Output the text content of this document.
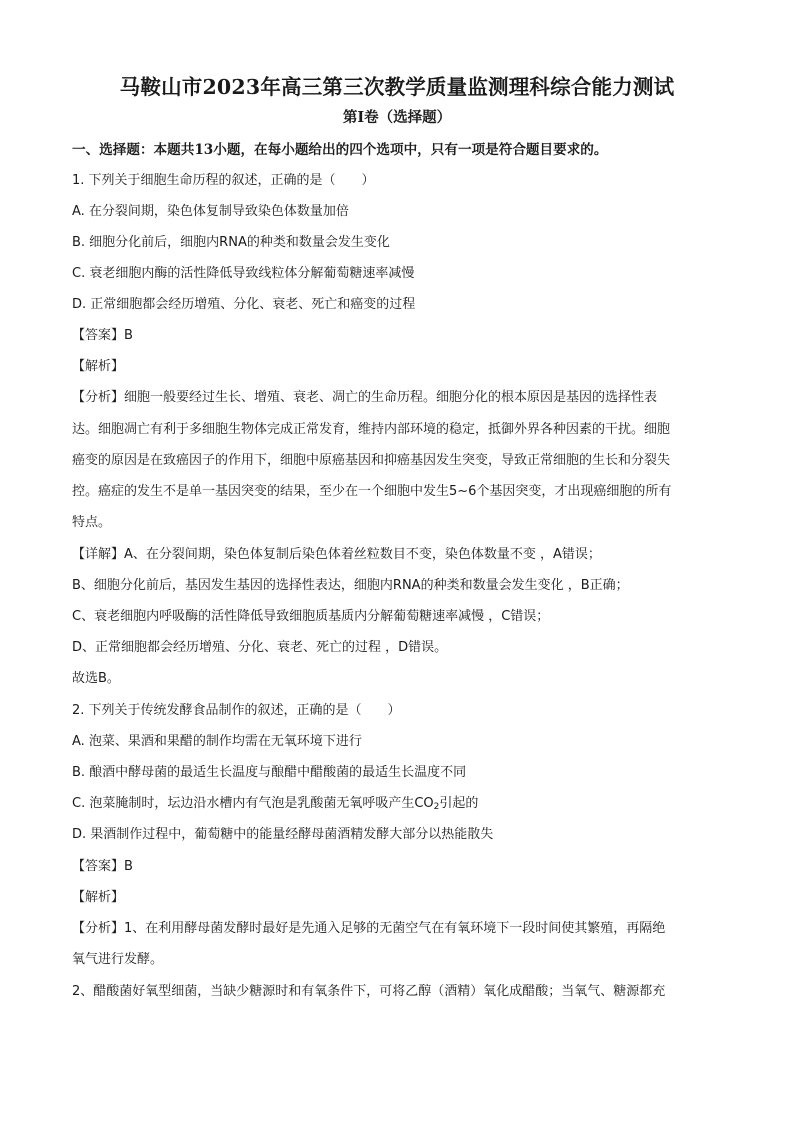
马鞍山市2023年高三第三次教学质量监测理科综合能力测试
第I卷（选择题）
一、选择题：本题共13小题，在每小题给出的四个选项中，只有一项是符合题目要求的。
1. 下列关于细胞生命历程的叙述，正确的是（　　）
A. 在分裂间期，染色体复制导致染色体数量加倍
B. 细胞分化前后，细胞内RNA的种类和数量会发生变化
C. 衰老细胞内酶的活性降低导致线粒体分解葡萄糖速率减慢
D. 正常细胞都会经历增殖、分化、衰老、死亡和癌变的过程
【答案】B
【解析】
【分析】细胞一般要经过生长、增殖、衰老、凋亡的生命历程。细胞分化的根本原因是基因的选择性表
达。细胞凋亡有利于多细胞生物体完成正常发育，维持内部环境的稳定，抵御外界各种因素的干扰。细胞
癌变的原因是在致癌因子的作用下，细胞中原癌基因和抑癌基因发生突变，导致正常细胞的生长和分裂失
控。癌症的发生不是单一基因突变的结果，至少在一个细胞中发生5~6个基因突变，才出现癌细胞的所有
特点。
【详解】A、在分裂间期，染色体复制后染色体着丝粒数目不变，染色体数量不变 ，A错误；
B、细胞分化前后，基因发生基因的选择性表达，细胞内RNA的种类和数量会发生变化 ，B正确；
C、衰老细胞内呼吸酶的活性降低导致细胞质基质内分解葡萄糖速率减慢 ，C错误；
D、正常细胞都会经历增殖、分化、衰老、死亡的过程 ，D错误。
故选B。
2. 下列关于传统发酵食品制作的叙述，正确的是（　　）
A. 泡菜、果酒和果醋的制作均需在无氧环境下进行
B. 酿酒中酵母菌的最适生长温度与酿醋中醋酸菌的最适生长温度不同
C. 泡菜腌制时，坛边沿水槽内有气泡是乳酸菌无氧呼吸产生$CO_2$引起的
D. 果酒制作过程中，葡萄糖中的能量经酵母菌酒精发酵大部分以热能散失
【答案】B
【解析】
【分析】1、在利用酵母菌发酵时最好是先通入足够的无菌空气在有氧环境下一段时间使其繁殖，再隔绝
氧气进行发酵。
2、醋酸菌好氧型细菌，当缺少糖源时和有氧条件下，可将乙醇（酒精）氧化成醋酸；当氧气、糖源都充
